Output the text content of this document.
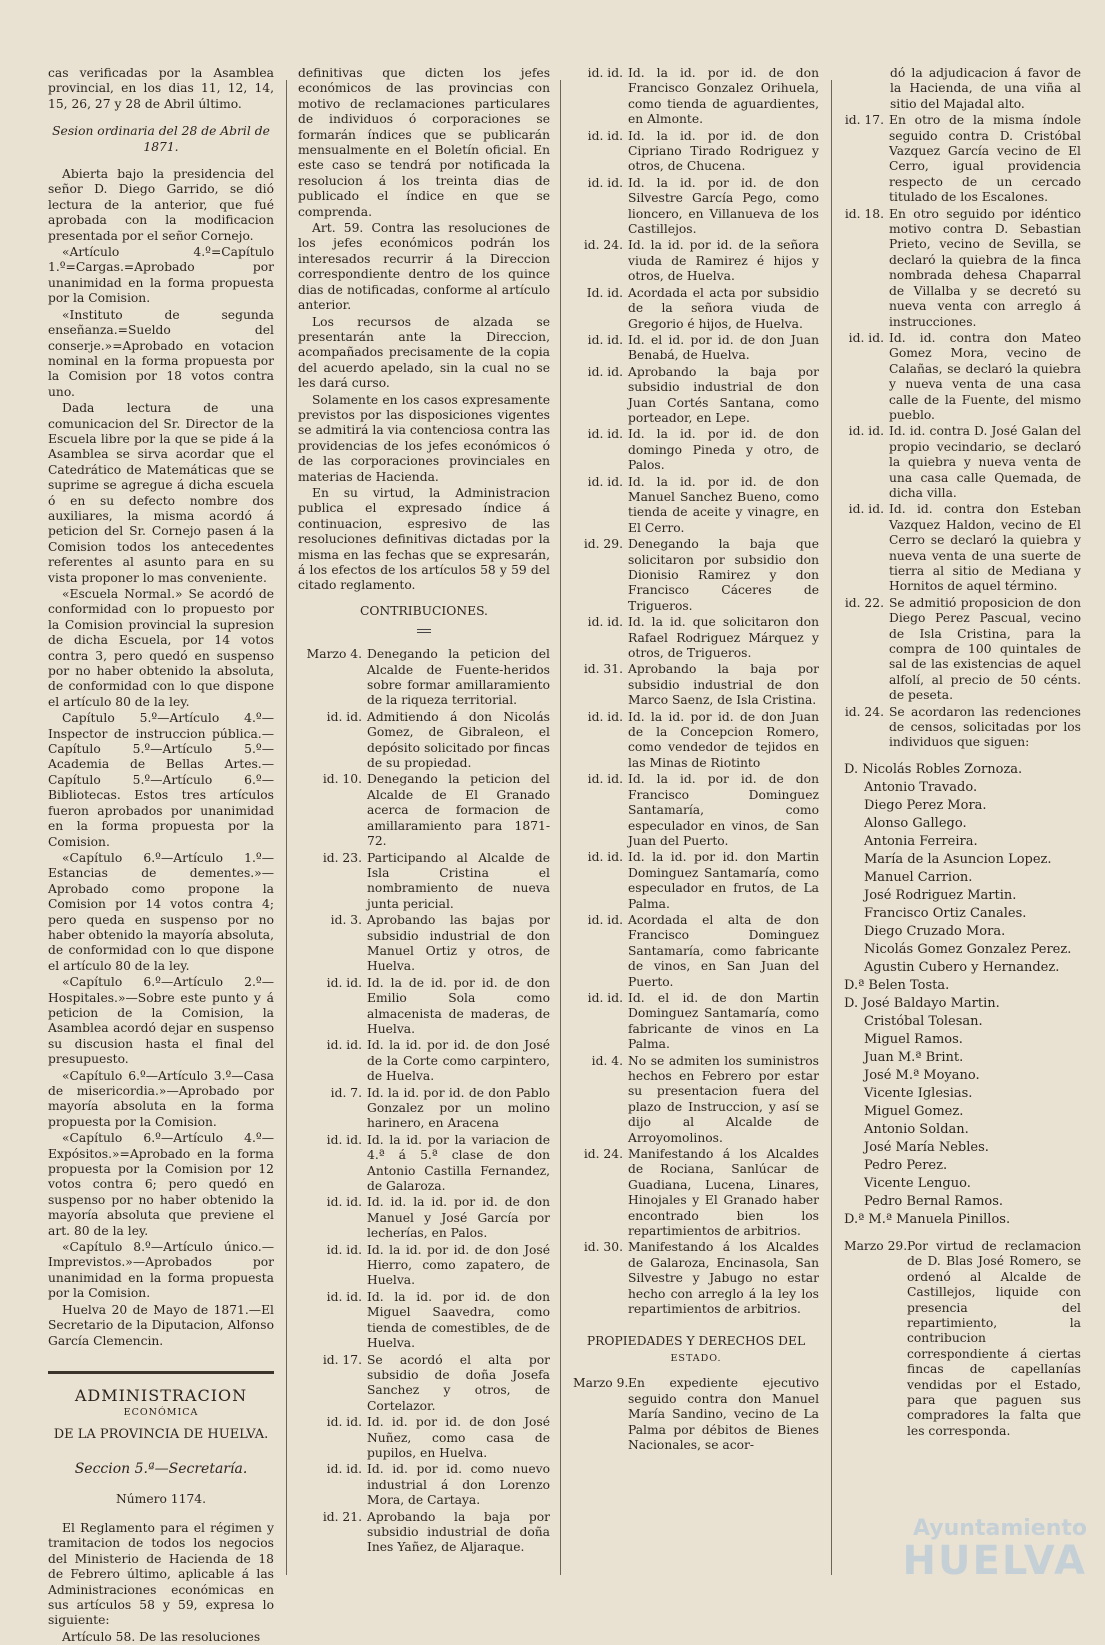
cas verificadas por la Asamblea provincial, en los dias 11, 12, 14, 15, 26, 27 y 28 de Abril último.

Sesion ordinaria del 28 de Abril de 1871.

Abierta bajo la presidencia del señor D. Diego Garrido, se dió lectura de la anterior, que fué aprobada con la modificacion presentada por el señor Cornejo.

«Artículo 4.º=Capítulo 1.º=Cargas.=Aprobado por unanimidad en la forma propuesta por la Comision.

«Instituto de segunda enseñanza.=Sueldo del conserje.»=Aprobado en votacion nominal en la forma propuesta por la Comision por 18 votos contra uno.

Dada lectura de una comunicacion del Sr. Director de la Escuela libre por la que se pide á la Asamblea se sirva acordar que el Catedrático de Matemáticas que se suprime se agregue á dicha escuela ó en su defecto nombre dos auxiliares, la misma acordó á peticion del Sr. Cornejo pasen á la Comision todos los antecedentes referentes al asunto para en su vista proponer lo mas conveniente.

«Escuela Normal.» Se acordó de conformidad con lo propuesto por la Comision provincial la supresion de dicha Escuela, por 14 votos contra 3, pero quedó en suspenso por no haber obtenido la absoluta, de conformidad con lo que dispone el artículo 80 de la ley.

Capítulo 5.º—Artículo 4.º—Inspector de instruccion pública.—Capítulo 5.º—Artículo 5.º—Academia de Bellas Artes.—Capítulo 5.º—Artículo 6.º—Bibliotecas. Estos tres artículos fueron aprobados por unanimidad en la forma propuesta por la Comision.

«Capítulo 6.º—Artículo 1.º—Estancias de dementes.»—Aprobado como propone la Comision por 14 votos contra 4; pero queda en suspenso por no haber obtenido la mayoría absoluta, de conformidad con lo que dispone el artículo 80 de la ley.

«Capítulo 6.º—Artículo 2.º—Hospitales.»—Sobre este punto y á peticion de la Comision, la Asamblea acordó dejar en suspenso su discusion hasta el final del presupuesto.

«Capítulo 6.º—Artículo 3.º—Casa de misericordia.»—Aprobado por mayoría absoluta en la forma propuesta por la Comision.

«Capítulo 6.º—Artículo 4.º—Expósitos.»=Aprobado en la forma propuesta por la Comision por 12 votos contra 6; pero quedó en suspenso por no haber obtenido la mayoría absoluta que previene el art. 80 de la ley.

«Capítulo 8.º—Artículo único.—Imprevistos.»—Aprobados por unanimidad en la forma propuesta por la Comision.

Huelva 20 de Mayo de 1871.—El Secretario de la Diputacion, Alfonso García Clemencin.

ADMINISTRACION
ECONÓMICA
DE LA PROVINCIA DE HUELVA.
Seccion 5.ª—Secretaría.
Número 1174.

El Reglamento para el régimen y tramitacion de todos los negocios del Ministerio de Hacienda de 18 de Febrero último, aplicable á las Administraciones económicas en sus artículos 58 y 59, expresa lo siguiente:

Artículo 58. De las resoluciones

definitivas que dicten los jefes económicos de las provincias con motivo de reclamaciones particulares de individuos ó corporaciones se formarán índices que se publicarán mensualmente en el Boletín oficial. En este caso se tendrá por notificada la resolucion á los treinta dias de publicado el índice en que se comprenda.

Art. 59. Contra las resoluciones de los jefes económicos podrán los interesados recurrir á la Direccion correspondiente dentro de los quince dias de notificadas, conforme al artículo anterior.

Los recursos de alzada se presentarán ante la Direccion, acompañados precisamente de la copia del acuerdo apelado, sin la cual no se les dará curso.

Solamente en los casos expresamente previstos por las disposiciones vigentes se admitirá la via contenciosa contra las providencias de los jefes económicos ó de las corporaciones provinciales en materias de Hacienda.

En su virtud, la Administracion publica el expresado índice á continuacion, espresivo de las resoluciones definitivas dictadas por la misma en las fechas que se expresarán, á los efectos de los artículos 58 y 59 del citado reglamento.

CONTRIBUCIONES.
Marzo 4. Denegando la peticion del Alcalde de Fuente-heridos sobre formar amillaramiento de la riqueza territorial.
id. id. Admitiendo á don Nicolás Gomez, de Gibraleon, el depósito solicitado por fincas de su propiedad.
id. 10. Denegando la peticion del Alcalde de El Granado acerca de formacion de amillaramiento para 1871-72.
id. 23. Participando al Alcalde de Isla Cristina el nombramiento de nueva junta pericial.
id. 3. Aprobando las bajas por subsidio industrial de don Manuel Ortiz y otros, de Huelva.
id. id. Id. la de id. por id. de don Emilio Sola como almacenista de maderas, de Huelva.
id. id. Id. la id. por id. de don José de la Corte como carpintero, de Huelva.
id. 7. Id. la id. por id. de don Pablo Gonzalez por un molino harinero, en Aracena
id. id. Id. la id. por la variacion de 4.ª á 5.ª clase de don Antonio Castilla Fernandez, de Galaroza.
id. id. Id. id. la id. por id. de don Manuel y José García por lecherías, en Palos.
id. id. Id. la id. por id. de don José Hierro, como zapatero, de Huelva.
id. id. Id. la id. por id. de don Miguel Saavedra, como tienda de comestibles, de de Huelva.
id. 17. Se acordó el alta por subsidio de doña Josefa Sanchez y otros, de Cortelazor.
id. id. Id. id. por id. de don José Nuñez, como casa de pupilos, en Huelva.
id. id. Id. id. por id. como nuevo industrial á don Lorenzo Mora, de Cartaya.
id. 21. Aprobando la baja por subsidio industrial de doña Ines Yañez, de Aljaraque.
id. id. Id. la id. por id. de don Francisco Gonzalez Orihuela, como tienda de aguardientes, en Almonte.
id. id. Id. la id. por id. de don Cipriano Tirado Rodriguez y otros, de Chucena.
id. id. Id. la id. por id. de don Silvestre García Pego, como lioncero, en Villanueva de los Castillejos.
id. 24. Id. la id. por id. de la señora viuda de Ramirez é hijos y otros, de Huelva.
Id. id. Acordada el acta por subsidio de la señora viuda de Gregorio é hijos, de Huelva.
id. id. Id. el id. por id. de don Juan Benabá, de Huelva.
id. id. Aprobando la baja por subsidio industrial de don Juan Cortés Santana, como porteador, en Lepe.
id. id. Id. la id. por id. de don domingo Pineda y otro, de Palos.
id. id. Id. la id. por id. de don Manuel Sanchez Bueno, como tienda de aceite y vinagre, en El Cerro.
id. 29. Denegando la baja que solicitaron por subsidio don Dionisio Ramirez y don Francisco Cáceres de Trigueros.
id. id. Id. la id. que solicitaron don Rafael Rodriguez Márquez y otros, de Trigueros.
id. 31. Aprobando la baja por subsidio industrial de don Marco Saenz, de Isla Cristina.
id. id. Id. la id. por id. de don Juan de la Concepcion Romero, como vendedor de tejidos en las Minas de Riotinto
id. id. Id. la id. por id. de don Francisco Dominguez Santamaría, como especulador en vinos, de San Juan del Puerto.
id. id. Id. la id. por id. don Martin Dominguez Santamaría, como especulador en frutos, de La Palma.
id. id. Acordada el alta de don Francisco Dominguez Santamaría, como fabricante de vinos, en San Juan del Puerto.
id. id. Id. el id. de don Martin Dominguez Santamaría, como fabricante de vinos en La Palma.
id. 4. No se admiten los suministros hechos en Febrero por estar su presentacion fuera del plazo de Instruccion, y así se dijo al Alcalde de Arroyomolinos.
id. 24. Manifestando á los Alcaldes de Rociana, Sanlúcar de Guadiana, Lucena, Linares, Hinojales y El Granado haber encontrado bien los repartimientos de arbitrios.
id. 30. Manifestando á los Alcaldes de Galaroza, Encinasola, San Silvestre y Jabugo no estar hecho con arreglo á la ley los repartimientos de arbitrios.
PROPIEDADES Y DERECHOS DEL
ESTADO.
Marzo 9. En expediente ejecutivo seguido contra don Manuel María Sandino, vecino de La Palma por débitos de Bienes Nacionales, se acor-

dó la adjudicacion á favor de la Hacienda, de una viña al sitio del Majadal alto.

id. 17. En otro de la misma índole seguido contra D. Cristóbal Vazquez García vecino de El Cerro, igual providencia respecto de un cercado titulado de los Escalones.
id. 18. En otro seguido por idéntico motivo contra D. Sebastian Prieto, vecino de Sevilla, se declaró la quiebra de la finca nombrada dehesa Chaparral de Villalba y se decretó su nueva venta con arreglo á instrucciones.
id. id. Id. id. contra don Mateo Gomez Mora, vecino de Calañas, se declaró la quiebra y nueva venta de una casa calle de la Fuente, del mismo pueblo.
id. id. Id. id. contra D. José Galan del propio vecindario, se declaró la quiebra y nueva venta de una casa calle Quemada, de dicha villa.
id. id. Id. id. contra don Esteban Vazquez Haldon, vecino de El Cerro se declaró la quiebra y nueva venta de una suerte de tierra al sitio de Mediana y Hornitos de aquel término.
id. 22. Se admitió proposicion de don Diego Perez Pascual, vecino de Isla Cristina, para la compra de 100 quintales de sal de las existencias de aquel alfolí, al precio de 50 cénts. de peseta.
id. 24. Se acordaron las redenciones de censos, solicitadas por los individuos que siguen:
D. Nicolás Robles Zornoza.
Antonio Travado.
Diego Perez Mora.
Alonso Gallego.
Antonia Ferreira.
María de la Asuncion Lopez.
Manuel Carrion.
José Rodriguez Martin.
Francisco Ortiz Canales.
Diego Cruzado Mora.
Nicolás Gomez Gonzalez Perez.
Agustin Cubero y Hernandez.
D.ª Belen Tosta.
D. José Baldayo Martin.
Cristóbal Tolesan.
Miguel Ramos.
Juan M.ª Brint.
José M.ª Moyano.
Vicente Iglesias.
Miguel Gomez.
Antonio Soldan.
José María Nebles.
Pedro Perez.
Vicente Lenguo.
Pedro Bernal Ramos.
D.ª M.ª Manuela Pinillos.
Marzo 29. Por virtud de reclamacion de D. Blas José Romero, se ordenó al Alcalde de Castillejos, liquide con presencia del repartimiento, la contribucion correspondiente á ciertas fincas de capellanías vendidas por el Estado, para que paguen sus compradores la falta que les corresponda.
Ayuntamiento
HUELVA
